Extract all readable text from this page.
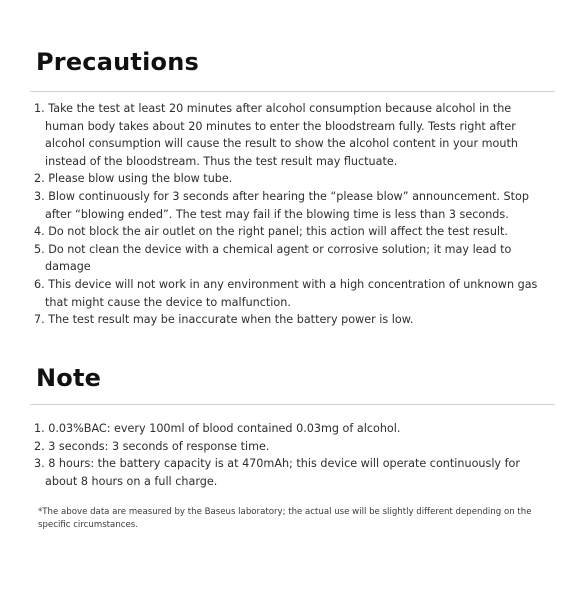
Precautions
1. Take the test at least 20 minutes after alcohol consumption because alcohol in the human body takes about 20 minutes to enter the bloodstream fully. Tests right after alcohol consumption will cause the result to show the alcohol content in your mouth instead of the bloodstream. Thus the test result may fluctuate.
2. Please blow using the blow tube.
3. Blow continuously for 3 seconds after hearing the “please blow” announcement. Stop after “blowing ended”. The test may fail if the blowing time is less than 3 seconds.
4. Do not block the air outlet on the right panel; this action will affect the test result.
5. Do not clean the device with a chemical agent or corrosive solution; it may lead to damage
6. This device will not work in any environment with a high concentration of unknown gas that might cause the device to malfunction.
7. The test result may be inaccurate when the battery power is low.
Note
1. 0.03%BAC: every 100ml of blood contained 0.03mg of alcohol.
2. 3 seconds: 3 seconds of response time.
3. 8 hours: the battery capacity is at 470mAh; this device will operate continuously for about 8 hours on a full charge.

*The above data are measured by the Baseus laboratory; the actual use will be slightly different depending on the specific circumstances.
